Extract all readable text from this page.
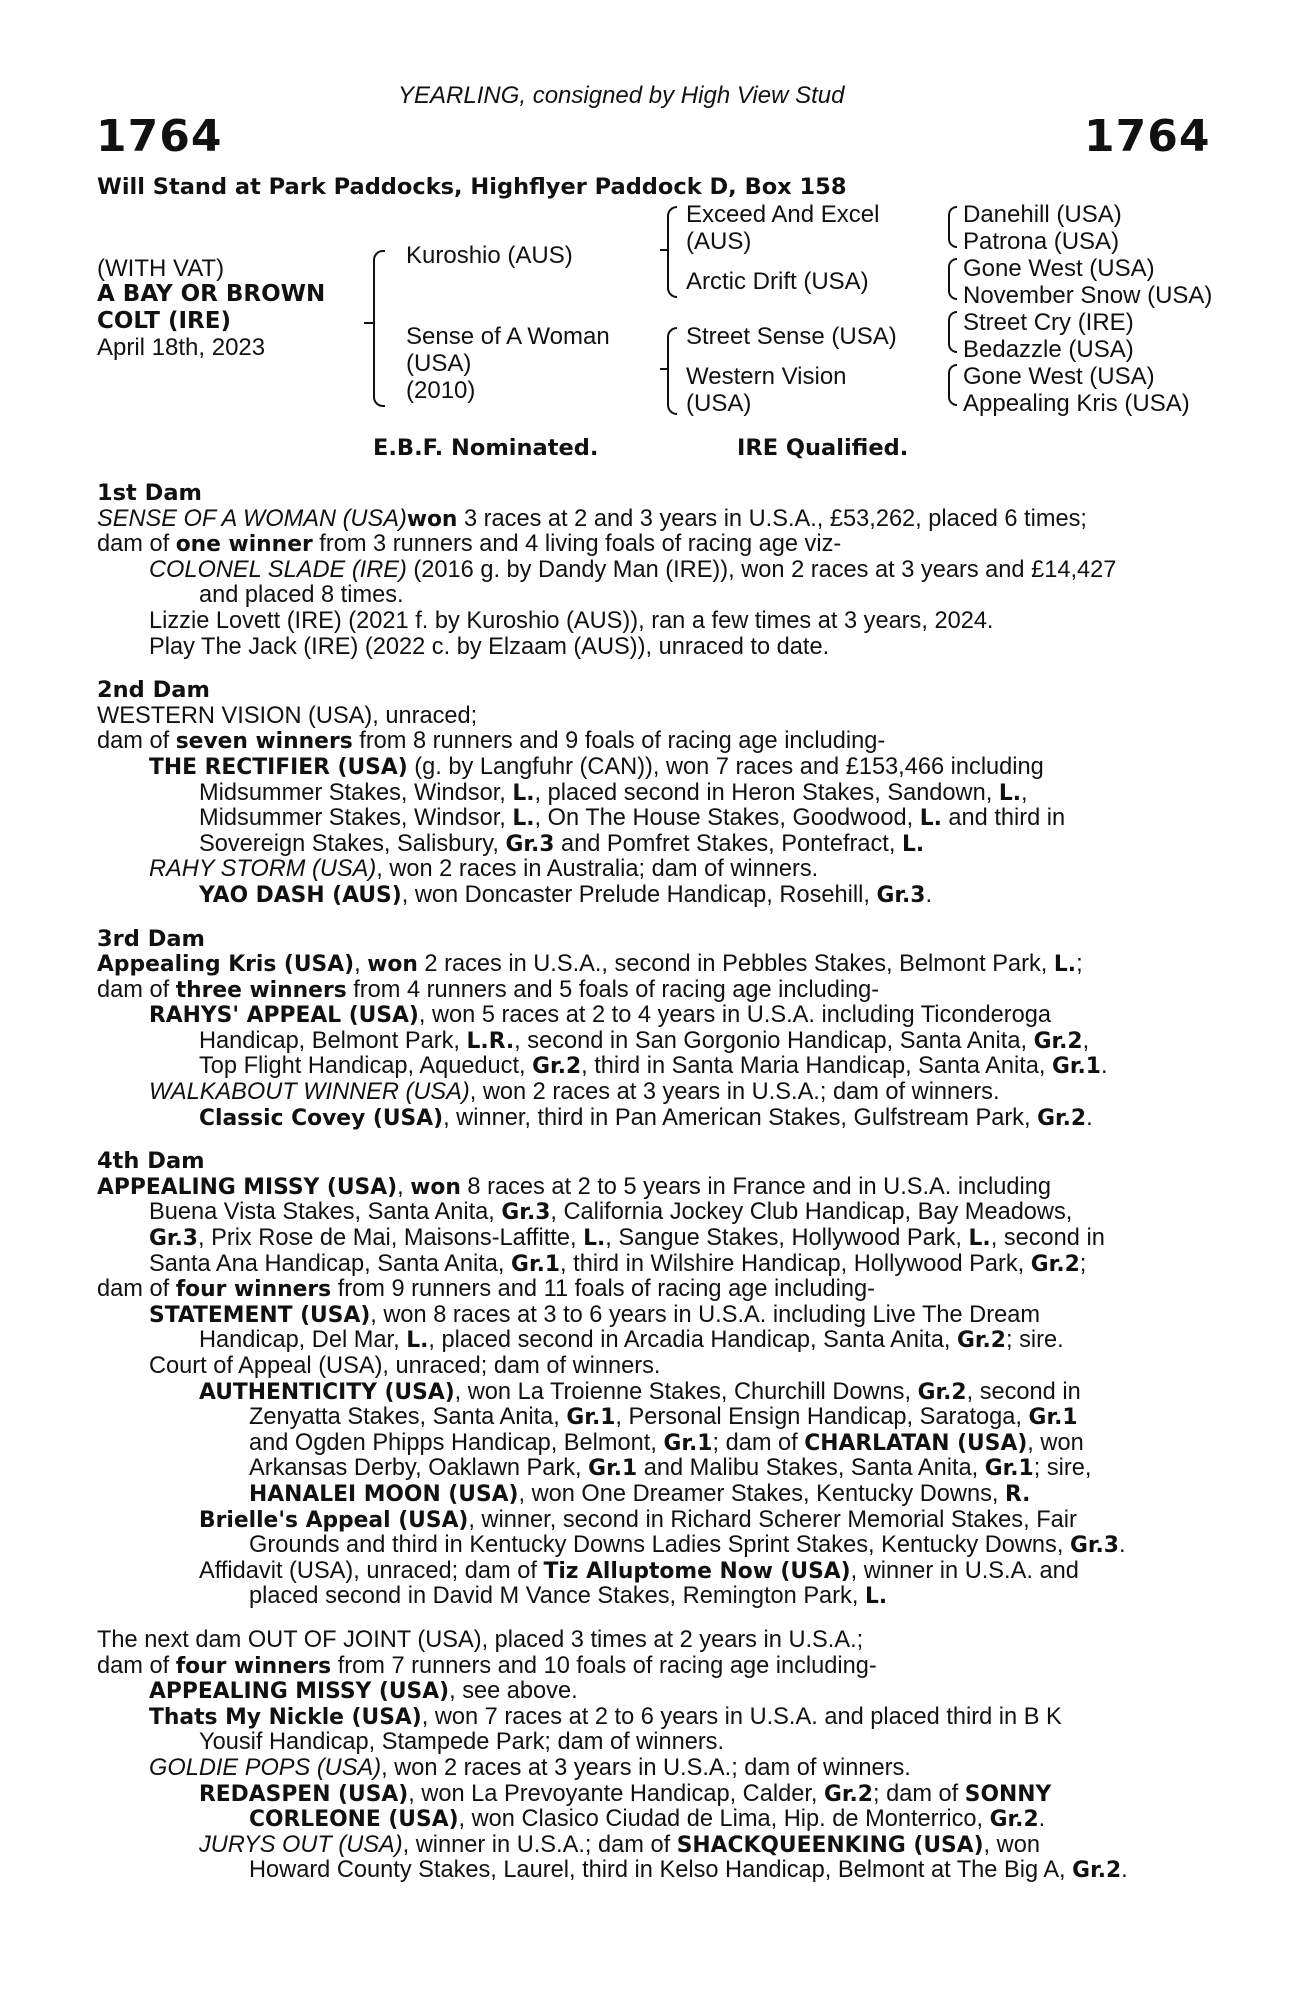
YEARLING, consigned by High View Stud
1764	1764
Will Stand at Park Paddocks, Highflyer Paddock D, Box 158
(WITH VAT)
A BAY OR BROWN
COLT (IRE)
April 18th, 2023
Kuroshio (AUS)
Sense of A Woman
(USA)
(2010)
Exceed And Excel
(AUS)
Arctic Drift (USA)
Street Sense (USA)
Western Vision
(USA)
Danehill (USA)
Patrona (USA)
Gone West (USA)
November Snow (USA)
Street Cry (IRE)
Bedazzle (USA)
Gone West (USA)
Appealing Kris (USA)
E.B.F. Nominated.	IRE Qualified.
1st Dam
SENSE OF A WOMAN (USA)won 3 races at 2 and 3 years in U.S.A., £53,262, placed 6 times;
dam of one winner from 3 runners and 4 living foals of racing age viz-
COLONEL SLADE (IRE) (2016 g. by Dandy Man (IRE)), won 2 races at 3 years and £14,427
and placed 8 times.
Lizzie Lovett (IRE) (2021 f. by Kuroshio (AUS)), ran a few times at 3 years, 2024.
Play The Jack (IRE) (2022 c. by Elzaam (AUS)), unraced to date.
2nd Dam
WESTERN VISION (USA), unraced;
dam of seven winners from 8 runners and 9 foals of racing age including-
THE RECTIFIER (USA) (g. by Langfuhr (CAN)), won 7 races and £153,466 including
Midsummer Stakes, Windsor, L., placed second in Heron Stakes, Sandown, L.,
Midsummer Stakes, Windsor, L., On The House Stakes, Goodwood, L. and third in
Sovereign Stakes, Salisbury, Gr.3 and Pomfret Stakes, Pontefract, L.
RAHY STORM (USA), won 2 races in Australia; dam of winners.
YAO DASH (AUS), won Doncaster Prelude Handicap, Rosehill, Gr.3.
3rd Dam
Appealing Kris (USA), won 2 races in U.S.A., second in Pebbles Stakes, Belmont Park, L.;
dam of three winners from 4 runners and 5 foals of racing age including-
RAHYS' APPEAL (USA), won 5 races at 2 to 4 years in U.S.A. including Ticonderoga
Handicap, Belmont Park, L.R., second in San Gorgonio Handicap, Santa Anita, Gr.2,
Top Flight Handicap, Aqueduct, Gr.2, third in Santa Maria Handicap, Santa Anita, Gr.1.
WALKABOUT WINNER (USA), won 2 races at 3 years in U.S.A.; dam of winners.
Classic Covey (USA), winner, third in Pan American Stakes, Gulfstream Park, Gr.2.
4th Dam
APPEALING MISSY (USA), won 8 races at 2 to 5 years in France and in U.S.A. including
Buena Vista Stakes, Santa Anita, Gr.3, California Jockey Club Handicap, Bay Meadows,
Gr.3, Prix Rose de Mai, Maisons-Laffitte, L., Sangue Stakes, Hollywood Park, L., second in
Santa Ana Handicap, Santa Anita, Gr.1, third in Wilshire Handicap, Hollywood Park, Gr.2;
dam of four winners from 9 runners and 11 foals of racing age including-
STATEMENT (USA), won 8 races at 3 to 6 years in U.S.A. including Live The Dream
Handicap, Del Mar, L., placed second in Arcadia Handicap, Santa Anita, Gr.2; sire.
Court of Appeal (USA), unraced; dam of winners.
AUTHENTICITY (USA), won La Troienne Stakes, Churchill Downs, Gr.2, second in
Zenyatta Stakes, Santa Anita, Gr.1, Personal Ensign Handicap, Saratoga, Gr.1
and Ogden Phipps Handicap, Belmont, Gr.1; dam of CHARLATAN (USA), won
Arkansas Derby, Oaklawn Park, Gr.1 and Malibu Stakes, Santa Anita, Gr.1; sire,
HANALEI MOON (USA), won One Dreamer Stakes, Kentucky Downs, R.
Brielle's Appeal (USA), winner, second in Richard Scherer Memorial Stakes, Fair
Grounds and third in Kentucky Downs Ladies Sprint Stakes, Kentucky Downs, Gr.3.
Affidavit (USA), unraced; dam of Tiz Alluptome Now (USA), winner in U.S.A. and
placed second in David M Vance Stakes, Remington Park, L.
The next dam OUT OF JOINT (USA), placed 3 times at 2 years in U.S.A.;
dam of four winners from 7 runners and 10 foals of racing age including-
APPEALING MISSY (USA), see above.
Thats My Nickle (USA), won 7 races at 2 to 6 years in U.S.A. and placed third in B K
Yousif Handicap, Stampede Park; dam of winners.
GOLDIE POPS (USA), won 2 races at 3 years in U.S.A.; dam of winners.
REDASPEN (USA), won La Prevoyante Handicap, Calder, Gr.2; dam of SONNY
CORLEONE (USA), won Clasico Ciudad de Lima, Hip. de Monterrico, Gr.2.
JURYS OUT (USA), winner in U.S.A.; dam of SHACKQUEENKING (USA), won
Howard County Stakes, Laurel, third in Kelso Handicap, Belmont at The Big A, Gr.2.
